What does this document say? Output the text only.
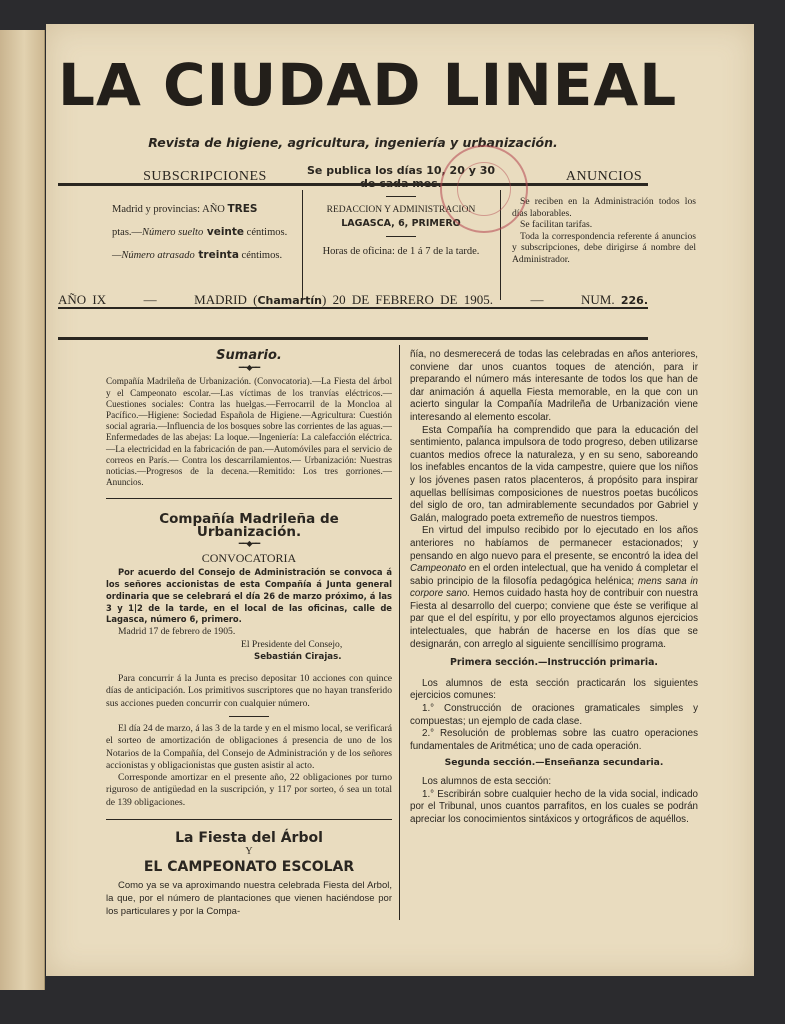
LA CIUDAD LINEAL
Revista de higiene, agricultura, ingeniería y urbanización.
SUBSCRIPCIONES
Madrid y provincias: AÑO TRES

ptas.—Número suelto veinte céntimos.
—Número atrasado treinta céntimos.
Se publica los días 10, 20 y 30
de cada mes.
REDACCION Y ADMINISTRACION
LAGASCA, 6, PRIMERO
Horas de oficina: de 1 á 7 de la tarde.
ANUNCIOS
Se reciben en la Administración todos los días laborables.
Se facilitan tarifas.
Toda la correspondencia referente á anuncios y subscripciones, debe dirigirse á nombre del Administrador.
AÑO IX	—	MADRID (Chamartín) 20 DE FEBRERO DE 1905.	—	NUM. 226.
Sumario.
━━◆━━

Compañía Madrileña de Urbanización. (Convocatoria).—La Fiesta del árbol y el Campeonato escolar.—Las víctimas de los tranvías eléctricos.— Cuestiones sociales: Contra las huelgas.—Ferrocarril de la Moncloa al Pacífico.—Higiene: Sociedad Española de Higiene.—Agricultura: Cuestión social agraria.—Influencia de los bosques sobre las corrientes de las aguas.—Enfermedades de las abejas: La loque.—Ingeniería: La calefacción eléctrica.—La electricidad en la fabricación de pan.—Automóviles para el servicio de correos en París.— Contra los descarrilamientos.— Urbanización: Nuestras noticias.—Progresos de la decena.—Remitido: Los tres gorriones.—Anuncios.

Compañía Madrileña de Urbanización.
━━◆━━
CONVOCATORIA

Por acuerdo del Consejo de Administración se convoca á los señores accionistas de esta Compañía á Junta general ordinaria que se celebrará el día 26 de marzo próximo, á las 3 y 1|2 de la tarde, en el local de las oficinas, calle de Lagasca, número 6, primero.

Madrid 17 de febrero de 1905.

El Presidente del Consejo,

Sebastián Cirajas.

Para concurrir á la Junta es preciso depositar 10 acciones con quince días de anticipación. Los primitivos suscriptores que no hayan transferido sus acciones pueden concurrir con cualquier número.

El día 24 de marzo, á las 3 de la tarde y en el mismo local, se verificará el sorteo de amortización de obligaciones á presencia de uno de los Notarios de la Compañía, del Consejo de Administración y de los señores accionistas y obligacionistas que gusten asistir al acto.

Corresponde amortizar en el presente año, 22 obligaciones por turno riguroso de antigüedad en la suscripción, y 117 por sorteo, ó sea un total de 139 obligaciones.

La Fiesta del Árbol
Y
EL CAMPEONATO ESCOLAR

Como ya se va aproximando nuestra celebrada Fiesta del Arbol, la que, por el número de plantaciones que vienen haciéndose por los particulares y por la Compa-

ñía, no desmerecerá de todas las celebradas en años anteriores, conviene dar unos cuantos toques de atención, para ir preparando el número más interesante de todos los que han de dar animación á aquella Fiesta memorable, en la que con un acierto singular la Compañía Madrileña de Urbanización viene interesando al elemento escolar.

Esta Compañía ha comprendido que para la educación del sentimiento, palanca impulsora de todo progreso, deben utilizarse cuantos medios ofrece la naturaleza, y en su seno, saboreando los inefables encantos de la vida campestre, quiere que los niños y los jóvenes pasen ratos placenteros, á propósito para inspirar aquellas bellísimas composiciones de nuestros poetas bucólicos del siglo de oro, tan admirablemente secundados por Gabriel y Galán, malogrado poeta extremeño de nuestros tiempos.

En virtud del impulso recibido por lo ejecutado en los años anteriores no habíamos de permanecer estacionados; y pensando en algo nuevo para el presente, se encontró la idea del Campeonato en el orden intelectual, que ha venido á completar el sabio principio de la filosofía pedagógica helénica; mens sana in corpore sano. Hemos cuidado hasta hoy de contribuir con nuestra Fiesta al desarrollo del cuerpo; conviene que éste se verifique al par que el del espíritu, y por ello proyectamos algunos ejercicios intelectuales, que habrán de hacerse en los días que se designarán, con arreglo al siguiente sencillísimo programa.

Primera sección.—Instrucción primaria.

Los alumnos de esta sección practicarán los siguientes ejercicios comunes:

1.° Construcción de oraciones gramaticales simples y compuestas; un ejemplo de cada clase.

2.° Resolución de problemas sobre las cuatro operaciones fundamentales de Aritmética; uno de cada operación.

Segunda sección.—Enseñanza secundaria.

Los alumnos de esta sección:

1.° Escribirán sobre cualquier hecho de la vida social, indicado por el Tribunal, unos cuantos parrafitos, en los cuales se podrán apreciar los conocimientos sintáxicos y ortográficos de aquéllos.
